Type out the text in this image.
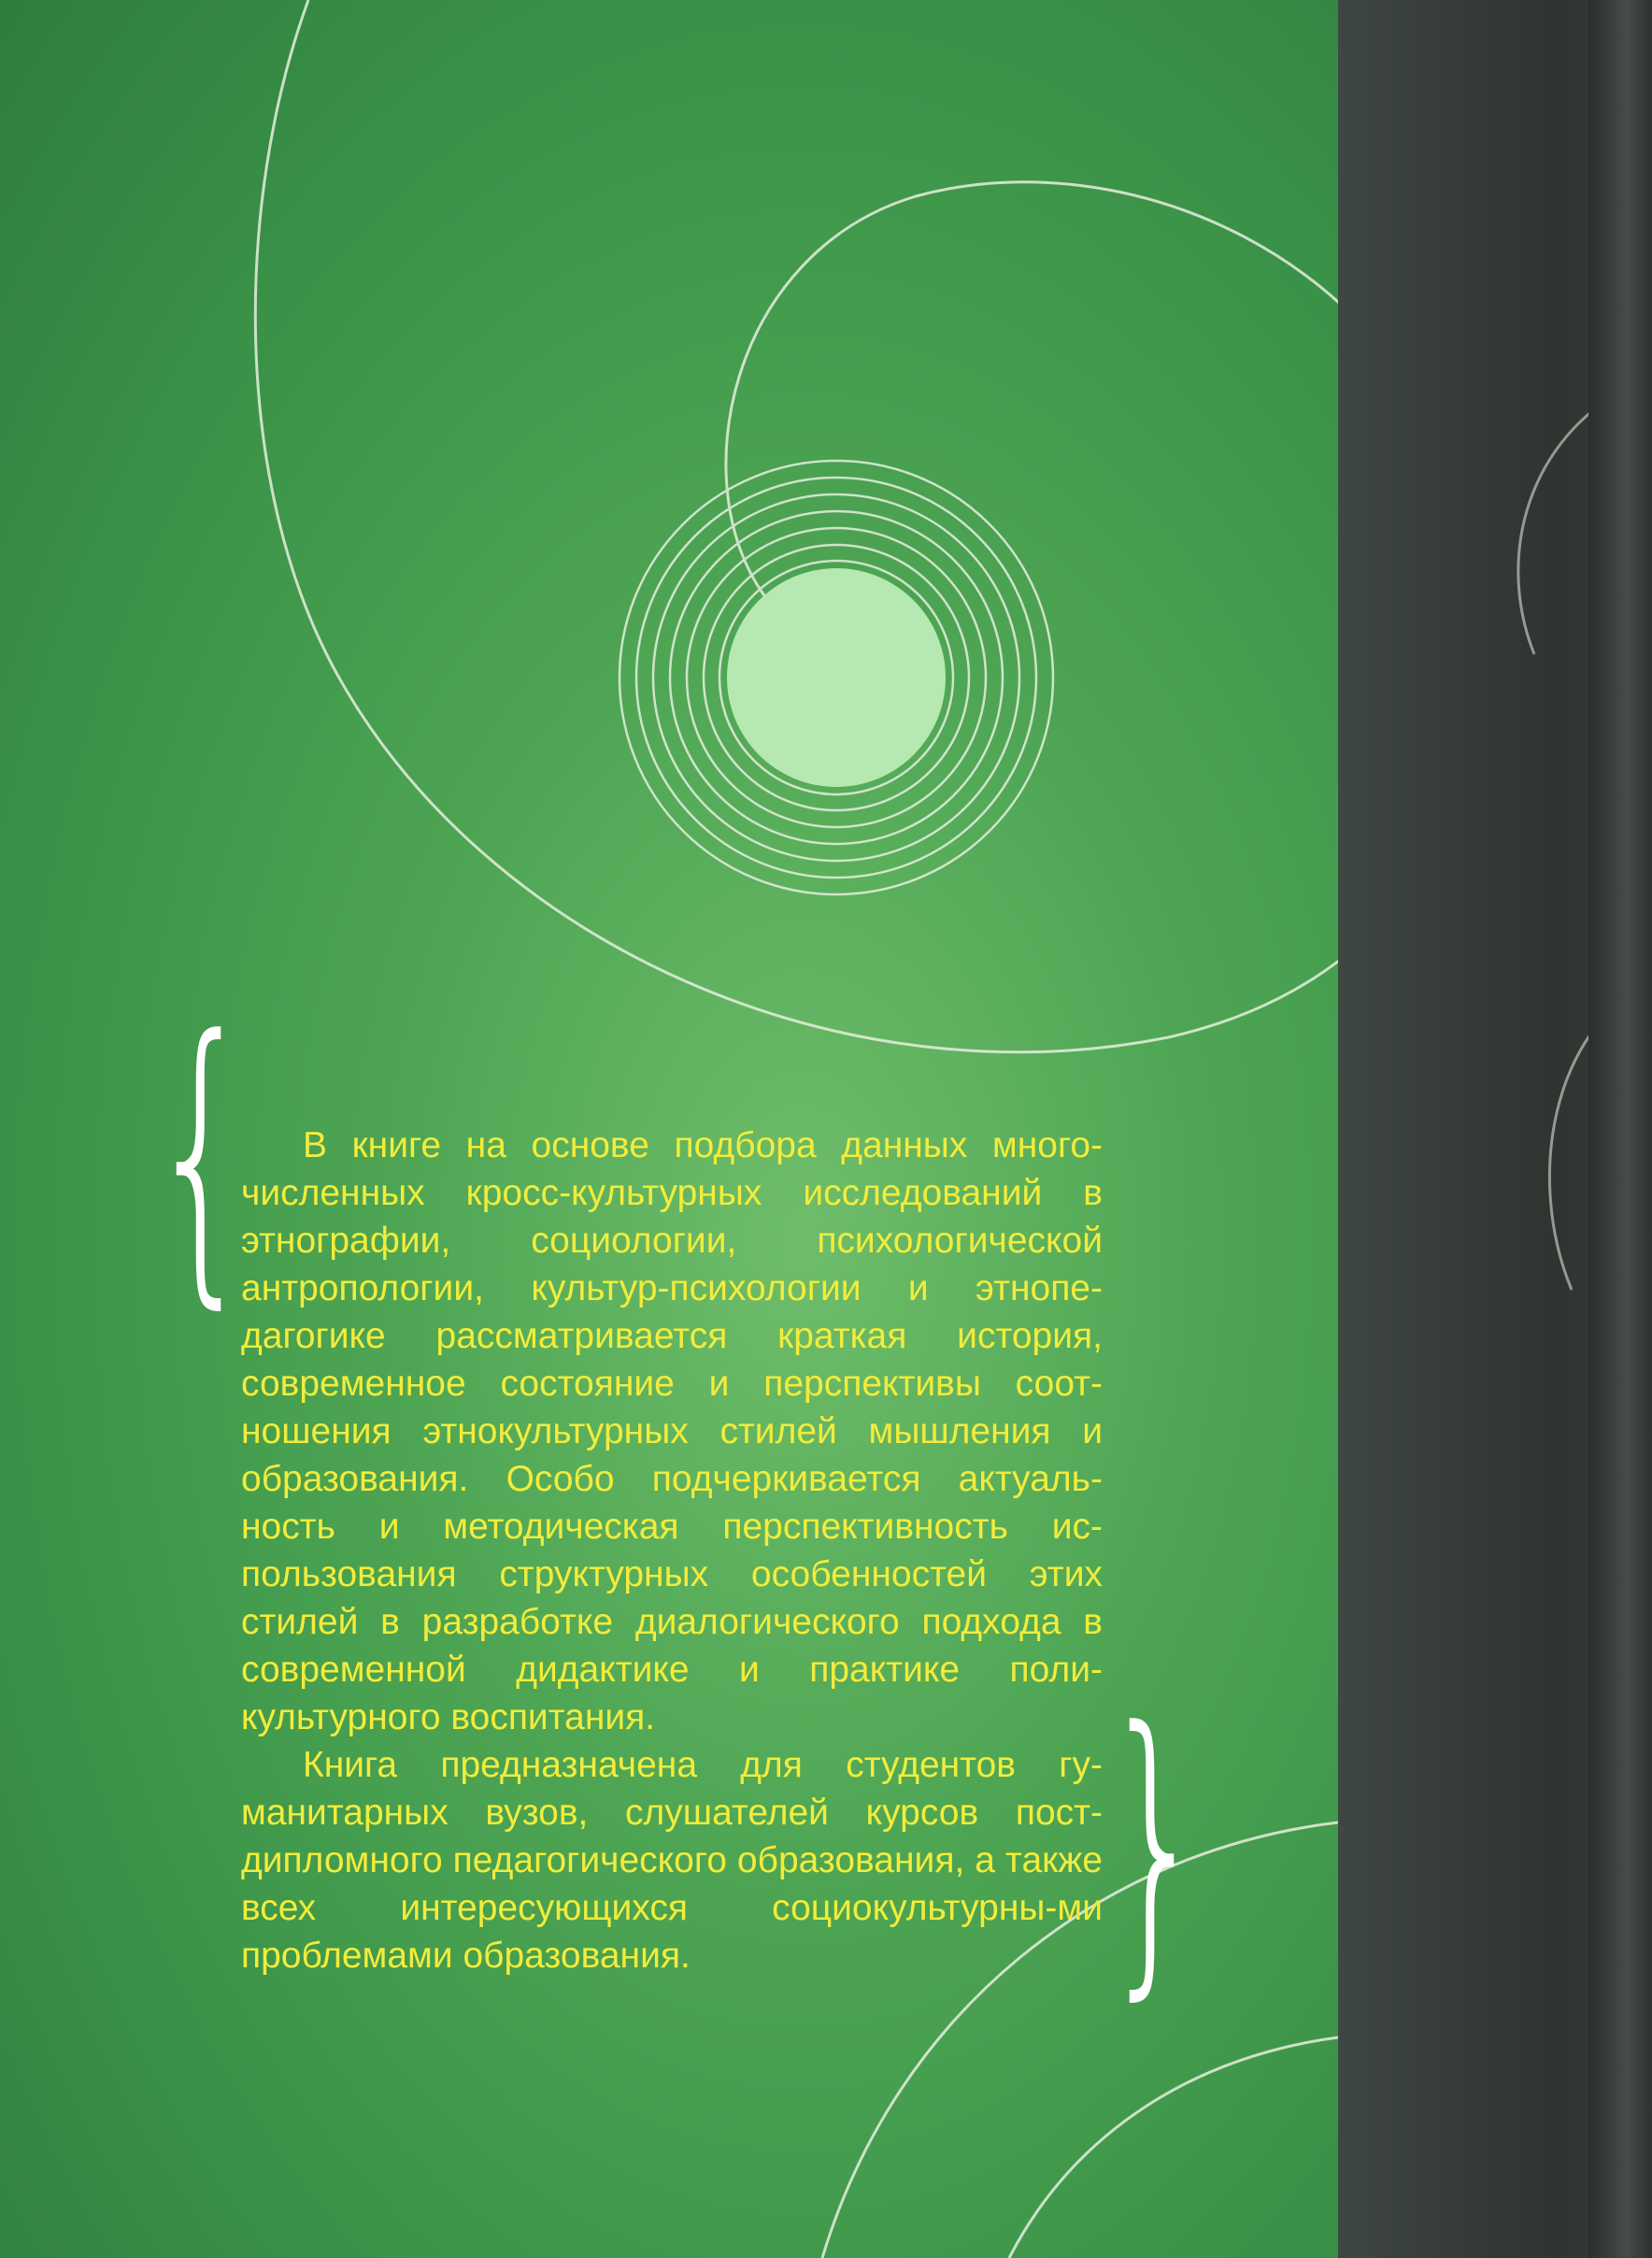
{
}

В книге на основе подбора данных много-численных кросс-культурных исследований в этнографии, социологии, психологической антропологии, культур-психологии и этнопе-дагогике рассматривается краткая история, современное состояние и перспективы соот-ношения этнокультурных стилей мышления и образования. Особо подчеркивается актуаль-ность и методическая перспективность ис-пользования структурных особенностей этих стилей в разработке диалогического подхода в современной дидактике и практике поли-культурного воспитания.

Книга предназначена для студентов гу-манитарных вузов, слушателей курсов пост-дипломного педагогического образования, а также всех интересующихся социокультурны-ми проблемами образования.
